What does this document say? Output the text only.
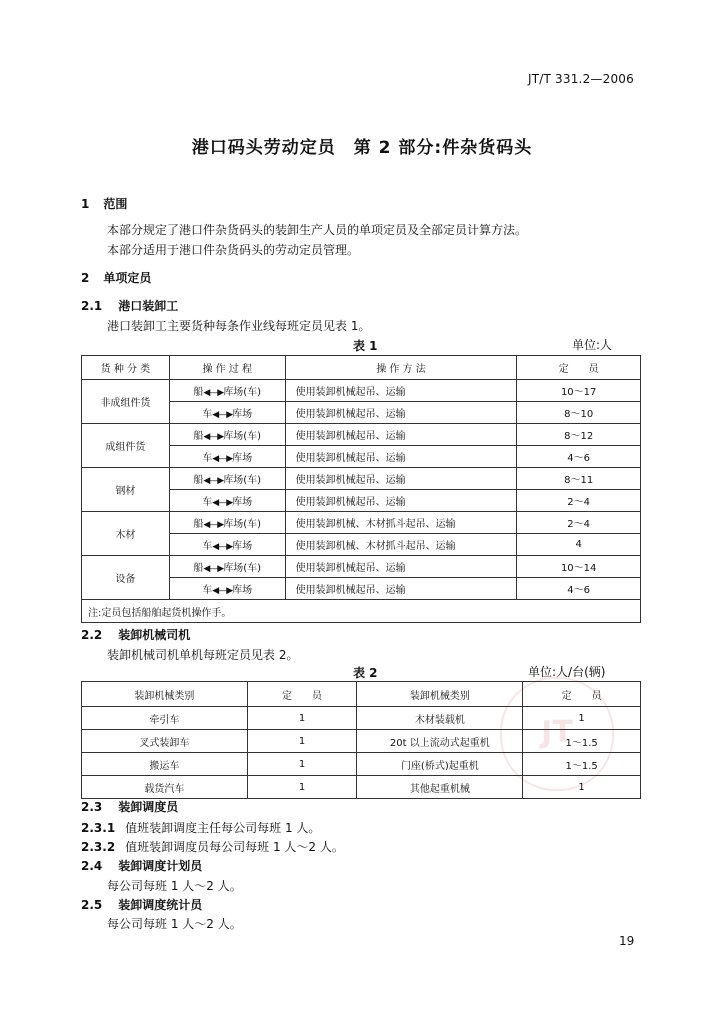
JT/T 331.2—2006
港口码头劳动定员　第 2 部分:件杂货码头
1 范围
本部分规定了港口件杂货码头的装卸生产人员的单项定员及全部定员计算方法。
本部分适用于港口件杂货码头的劳动定员管理。
2 单项定员
2.1 港口装卸工
港口装卸工主要货种每条作业线每班定员见表 1。
表 1	单位:人
货 种 分 类	操 作 过 程	操 作 方 法	定　　员
非成组件货	船◀—▶库场(车)	使用装卸机械起吊、运输	10～17
	车◀—▶库场	使用装卸机械起吊、运输	8～10
成组件货	船◀—▶库场(车)	使用装卸机械起吊、运输	8～12
	车◀—▶库场	使用装卸机械起吊、运输	4～6
钢材	船◀—▶库场(车)	使用装卸机械起吊、运输	8～11
	车◀—▶库场	使用装卸机械起吊、运输	2～4
木材	船◀—▶库场(车)	使用装卸机械、木材抓斗起吊、运输	2～4
	车◀—▶库场	使用装卸机械、木材抓斗起吊、运输	4
设备	船◀—▶库场(车)	使用装卸机械起吊、运输	10～14
	车◀—▶库场	使用装卸机械起吊、运输	4～6
注:定员包括船舶起货机操作手。			
2.2 装卸机械司机
装卸机械司机单机每班定员见表 2。
表 2	单位:人/台(辆)
JT
装卸机械类别	定　　员	装卸机械类别	定　　员
牵引车	1	木材装载机	1
叉式装卸车	1	20t 以上流动式起重机	1～1.5
搬运车	1	门座(桥式)起重机	1～1.5
载货汽车	1	其他起重机械	1
2.3 装卸调度员
2.3.1 值班装卸调度主任每公司每班 1 人。
2.3.2 值班装卸调度员每公司每班 1 人～2 人。
2.4 装卸调度计划员
每公司每班 1 人～2 人。
2.5 装卸调度统计员
每公司每班 1 人～2 人。
19
